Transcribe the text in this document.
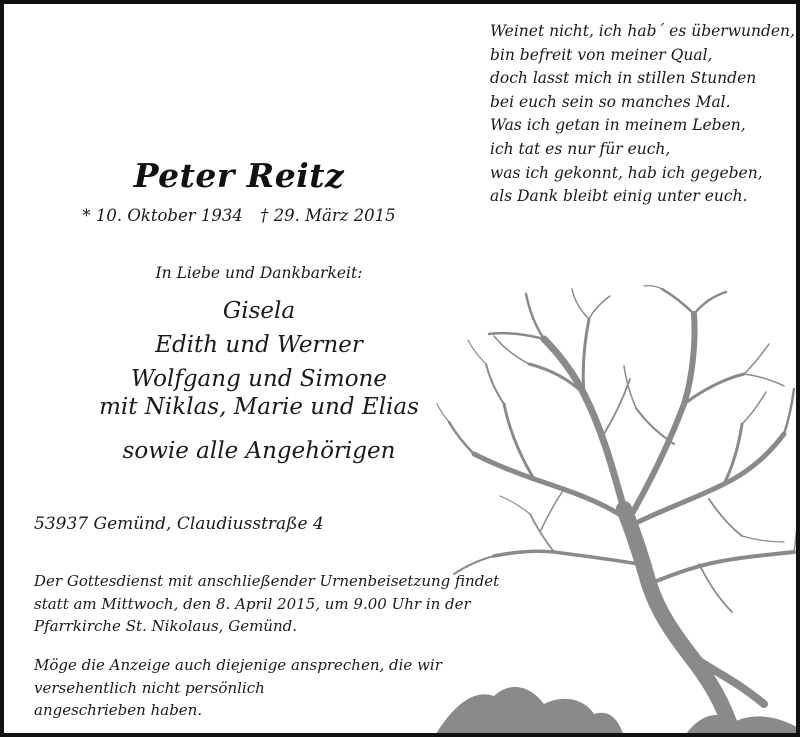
Weinet nicht, ich hab´ es überwunden,
bin befreit von meiner Qual,
doch lasst mich in stillen Stunden
bei euch sein so manches Mal.
Was ich getan in meinem Leben,
ich tat es nur für euch,
was ich gekonnt, hab ich gegeben,
als Dank bleibt einig unter euch.
Peter Reitz
* 10. Oktober 1934 † 29. März 2015
In Liebe und Dankbarkeit:
Gisela
Edith und Werner
Wolfgang und Simone
mit Niklas, Marie und Elias
sowie alle Angehörigen
53937 Gemünd, Claudiusstraße 4
Der Gottesdienst mit anschließender Urnenbeisetzung findet
statt am Mittwoch, den 8. April 2015, um 9.00 Uhr in der
Pfarrkirche St. Nikolaus, Gemünd.
Möge die Anzeige auch diejenige ansprechen, die wir
versehentlich nicht persönlich
angeschrieben haben.
